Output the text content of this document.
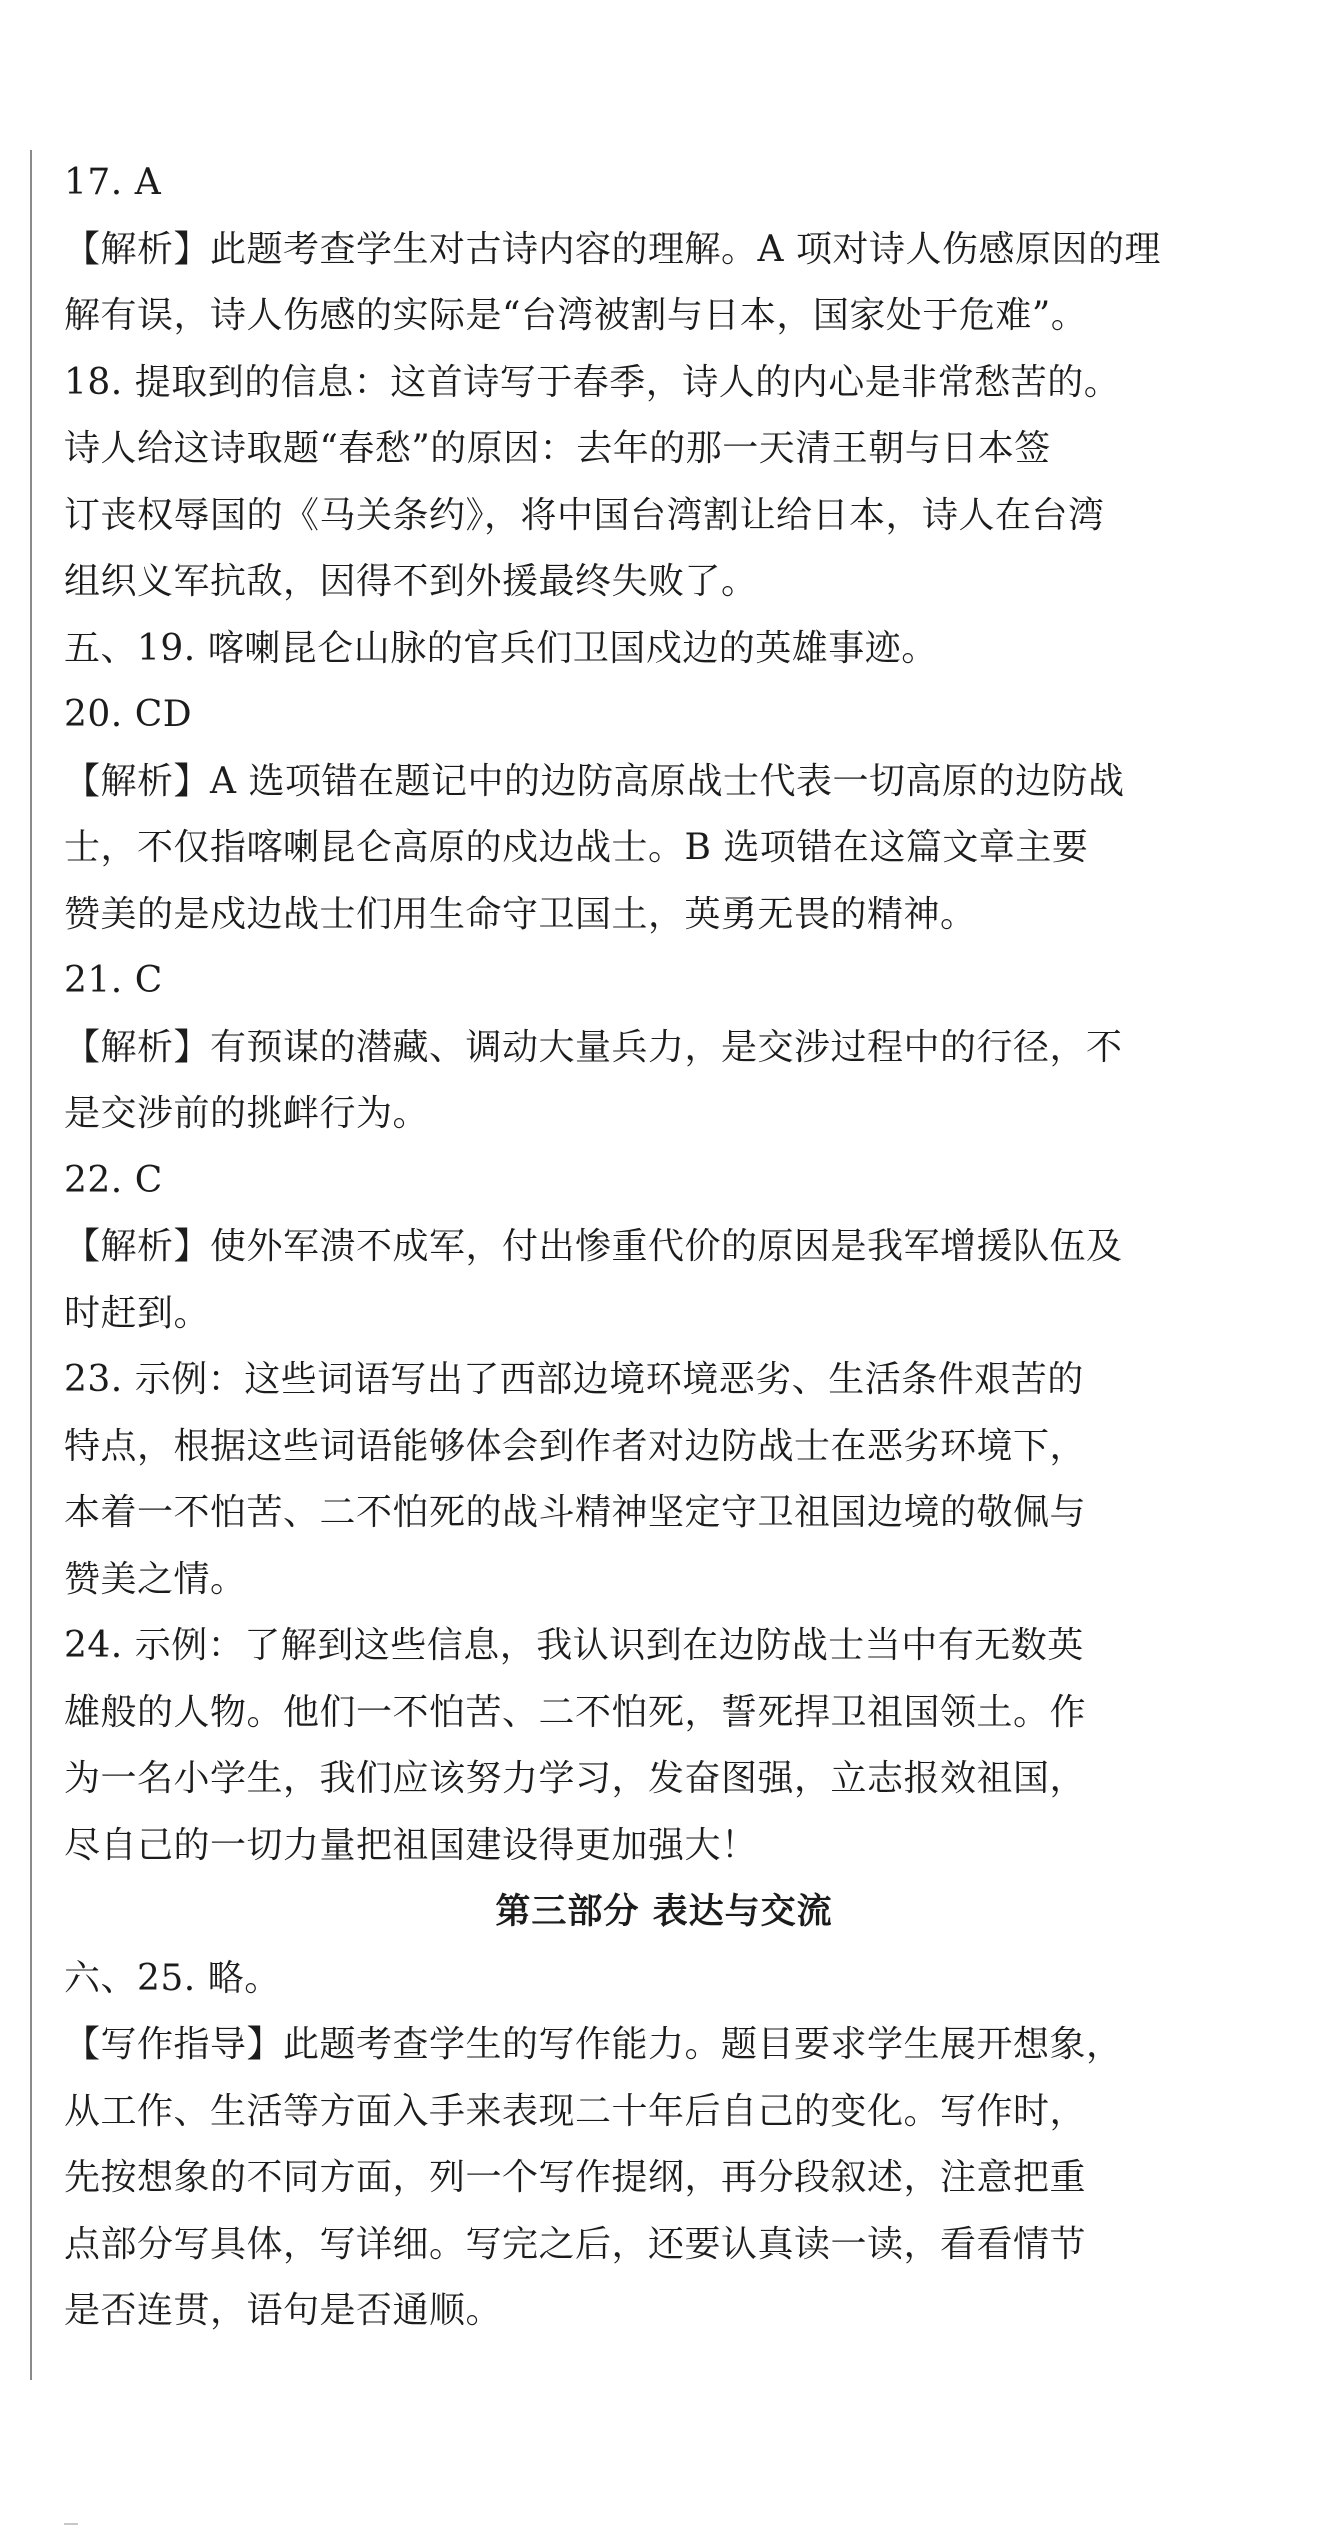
17. A
【解析】此题考查学生对古诗内容的理解。A 项对诗人伤感原因的理
解有误，诗人伤感的实际是“台湾被割与日本，国家处于危难”。
18. 提取到的信息：这首诗写于春季，诗人的内心是非常愁苦的。
诗人给这诗取题“春愁”的原因：去年的那一天清王朝与日本签
订丧权辱国的《马关条约》，将中国台湾割让给日本，诗人在台湾
组织义军抗敌，因得不到外援最终失败了。
五、19. 喀喇昆仑山脉的官兵们卫国戍边的英雄事迹。
20. CD
【解析】A 选项错在题记中的边防高原战士代表一切高原的边防战
士，不仅指喀喇昆仑高原的戍边战士。B 选项错在这篇文章主要
赞美的是戍边战士们用生命守卫国土，英勇无畏的精神。
21. C
【解析】有预谋的潜藏、调动大量兵力，是交涉过程中的行径，不
是交涉前的挑衅行为。
22. C
【解析】使外军溃不成军，付出惨重代价的原因是我军增援队伍及
时赶到。
23. 示例：这些词语写出了西部边境环境恶劣、生活条件艰苦的
特点，根据这些词语能够体会到作者对边防战士在恶劣环境下，
本着一不怕苦、二不怕死的战斗精神坚定守卫祖国边境的敬佩与
赞美之情。
24. 示例：了解到这些信息，我认识到在边防战士当中有无数英
雄般的人物。他们一不怕苦、二不怕死，誓死捍卫祖国领土。作
为一名小学生，我们应该努力学习，发奋图强，立志报效祖国，
尽自己的一切力量把祖国建设得更加强大！
第三部分 表达与交流
六、25. 略。
【写作指导】此题考查学生的写作能力。题目要求学生展开想象，
从工作、生活等方面入手来表现二十年后自己的变化。写作时，
先按想象的不同方面，列一个写作提纲，再分段叙述，注意把重
点部分写具体，写详细。写完之后，还要认真读一读，看看情节
是否连贯，语句是否通顺。
